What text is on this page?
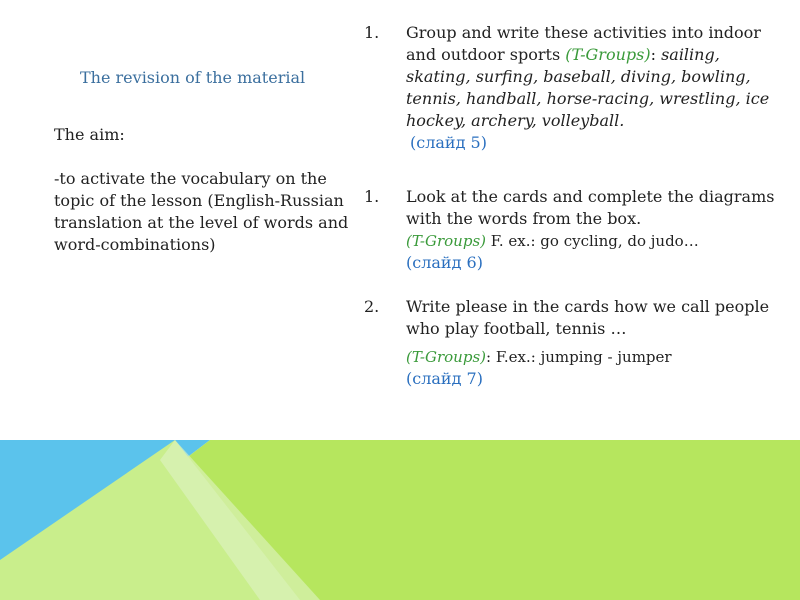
The revision of the material

The aim:

-to activate the vocabulary on the topic of the lesson (English-Russian translation at the level of words and word-combinations)

1. Group and write these activities into indoor and outdoor sports (T-Groups): sailing, skating, surfing, baseball, diving, bowling, tennis, handball, horse-racing, wrestling, ice hockey, archery, volleyball.
(слайд 5)
1. Look at the cards and complete the diagrams with the words from the box.
(T-Groups) F. ex.: go cycling, do judo…
(слайд 6)
2. Write please in the cards how we call people who play football, tennis …
(T-Groups): F.ex.: jumping - jumper
(слайд 7)
